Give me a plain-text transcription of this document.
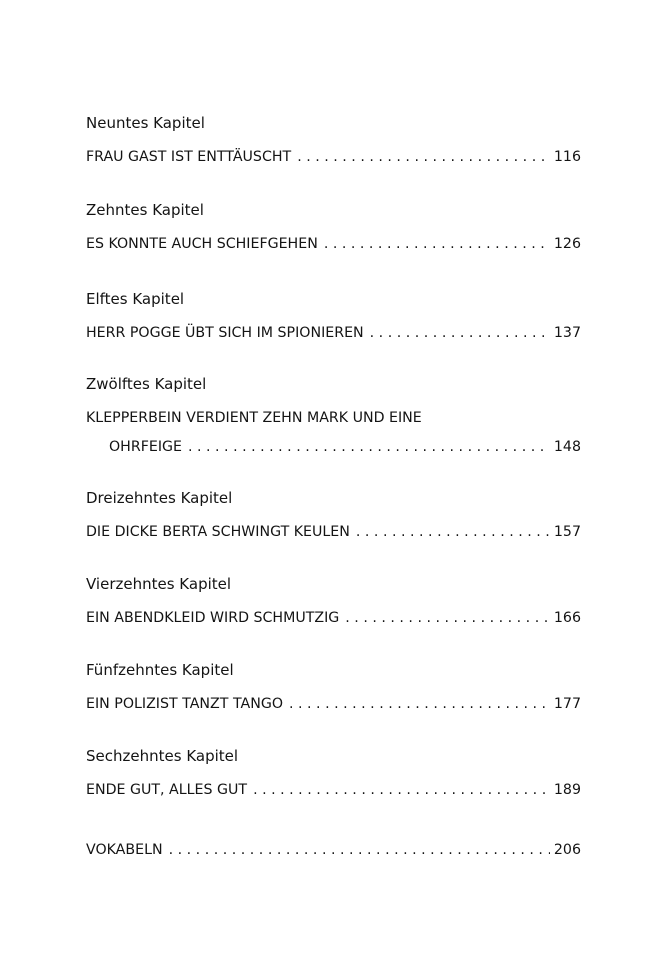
Neuntes Kapitel
FRAU GAST IST ENTTÄUSCHT . . .	116
Zehntes Kapitel
ES KONNTE AUCH SCHIEFGEHEN . . .	126
Elftes Kapitel
HERR POGGE ÜBT SICH IM SPIONIEREN . . .	137
Zwölftes Kapitel
KLEPPERBEIN VERDIENT ZEHN MARK UND EINE
OHRFEIGE . . .	148
Dreizehntes Kapitel
DIE DICKE BERTA SCHWINGT KEULEN . . .	157
Vierzehntes Kapitel
EIN ABENDKLEID WIRD SCHMUTZIG . . .	166
Fünfzehntes Kapitel
EIN POLIZIST TANZT TANGO . . .	177
Sechzehntes Kapitel
ENDE GUT, ALLES GUT . . .	189
VOKABELN . . .	206
